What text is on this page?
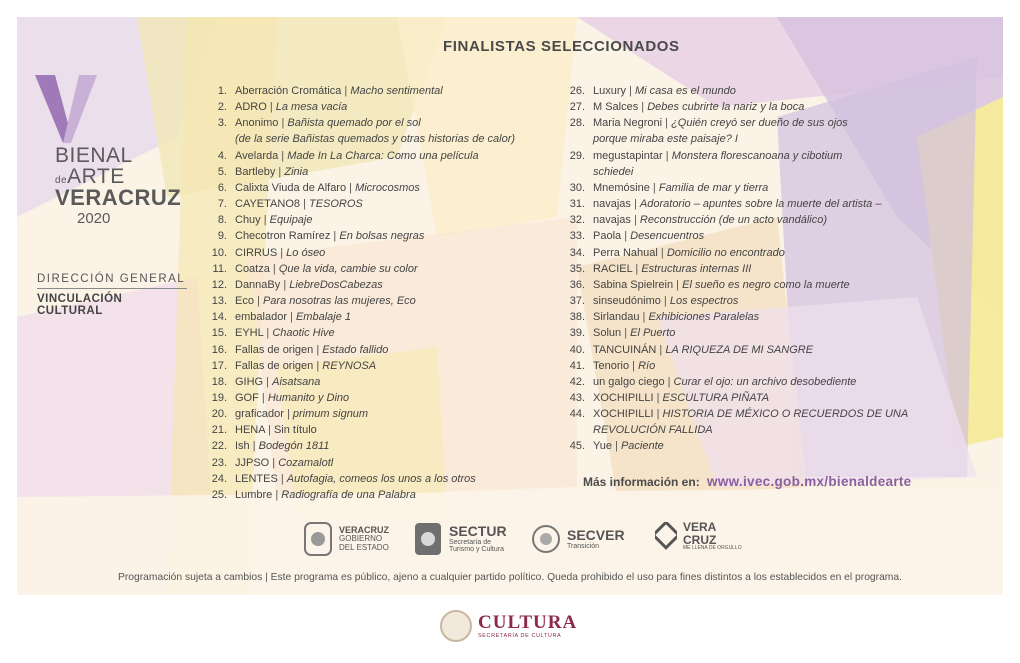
BIENAL
deARTE
VERACRUZ
2020
DIRECCIÓN GENERAL
VINCULACIÓN CULTURAL
FINALISTAS SELECCIONADOS
1. Aberración Cromática | Macho sentimental
2. ADRO | La mesa vacía
3. Anonimo | Bañista quemado por el sol
(de la serie Bañistas quemados y otras historias de calor)
4. Avelarda | Made In La Charca: Como una película
5. Bartleby | Zinia
6. Calixta Viuda de Alfaro | Microcosmos
7. CAYETANO8 | TESOROS
8. Chuy | Equipaje
9. Checotron Ramírez | En bolsas negras
10. CIRRUS | Lo óseo
11. Coatza | Que la vida, cambie su color
12. DannaBy | LiebreDosCabezas
13. Eco | Para nosotras las mujeres, Eco
14. embalador | Embalaje 1
15. EYHL | Chaotic Hive
16. Fallas de origen | Estado fallido
17. Fallas de origen | REYNOSA
18. GIHG | Aisatsana
19. GOF | Humanito y Dino
20. graficador | primum signum
21. HENA | Sin título
22. Ish | Bodegón 1811
23. JJPSO | Cozamalotl
24. LENTES | Autofagia, comeos los unos a los otros
25. Lumbre | Radiografía de una Palabra
26. Luxury | Mi casa es el mundo
27. M Salces | Debes cubrirte la nariz y la boca
28. Maria Negroni | ¿Quién creyó ser dueño de sus ojos
porque miraba este paisaje? I
29. megustapintar | Monstera florescanoana y cibotium
schiedei
30. Mnemósine | Familia de mar y tierra
31. navajas | Adoratorio – apuntes sobre la muerte del artista –
32. navajas | Reconstrucción (de un acto vandálico)
33. Paola | Desencuentros
34. Perra Nahual | Domicilio no encontrado
35. RACIEL | Estructuras internas III
36. Sabina Spielrein | El sueño es negro como la muerte
37. sinseudónimo | Los espectros
38. Sirlandau | Exhibiciones Paralelas
39. Solun | El Puerto
40. TANCUINÁN | LA RIQUEZA DE MI SANGRE
41. Tenorio | Río
42. un galgo ciego | Curar el ojo: un archivo desobediente
43. XOCHIPILLI | ESCULTURA PIÑATA
44. XOCHIPILLI | HISTORIA DE MÉXICO O RECUERDOS DE UNA
REVOLUCIÓN FALLIDA
45. Yue | Paciente
Más información en: www.ivec.gob.mx/bienaldearte
VERACRUZ
GOBIERNO
DEL ESTADO
SECTUR
Secretaría de
Turismo y Cultura
SECVER
Transición
VERA
CRUZ
ME LLENA DE ORGULLO
Programación sujeta a cambios | Este programa es público, ajeno a cualquier partido político. Queda prohibido el uso para fines distintos a los establecidos en el programa.
CULTURA
SECRETARÍA DE CULTURA
